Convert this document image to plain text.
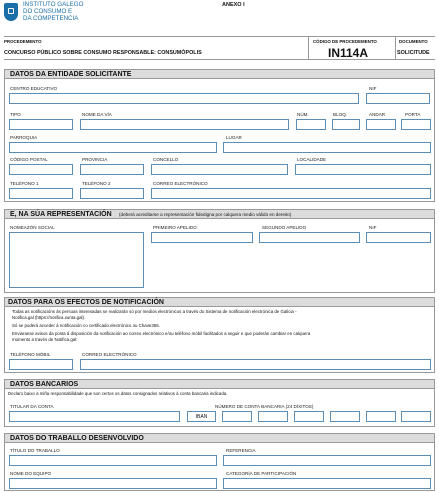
INSTITUTO GALEGO
DO CONSUMO E
DA COMPETENCIA
ANEXO I
PROCEDEMENTO
CONCURSO PÚBLICO SOBRE CONSUMO RESPONSABLE: CONSUMÓPOLIS
CÓDIGO DE PROCEDEMENTO
IN114A
DOCUMENTO
SOLICITUDE
DATOS DA ENTIDADE SOLICITANTE
CENTRO EDUCATIVO	NIF
TIPO	NOME DA VÍA	NÚM.	BLOQ.	ANDAR	PORTA
PARROQUIA	LUGAR
CÓDIGO POSTAL	PROVINCIA	CONCELLO	LOCALIDADE
TELÉFONO 1	TELÉFONO 2	CORREO ELECTRÓNICO
E, NA SÚA REPRESENTACIÓN (deberá acreditarse a representación fidedigna por calquera medio válido en dereito)
NOMEAZÓN SOCIAL	PRIMEIRO APELIDO	SEGUNDO APELIDO	NIF
DATOS PARA OS EFECTOS DE NOTIFICACIÓN
Todas as notificacións ás persoas interesadas se realizarán só por medios electrónicos a través do Sistema de notificación electrónica de Galicia -
Notifica.gal (https://notifica.xunta.gal).
Só se poderá acceder á notificación co certificado electrónico ou Chave365.
Enviaranse avisos da posta á disposición da notificación ao correo electrónico e/ou teléfono móbil facilitados a seguir e que poderán cambiar en calquera
momento a través de Notifica.gal:
TELÉFONO MÓBIL	CORREO ELECTRÓNICO
DATOS BANCARIOS
Declaro baixo a miña responsabilidade que son certos os datos consignados relativos á conta bancaria indicada.
TITULAR DA CONTA	NÚMERO DE CONTA BANCARIA (24 DÍXITOS)
IBAN
DATOS DO TRABALLO DESENVOLVIDO
TÍTULO DO TRABALLO	REFERENCIA
NOME DO EQUIPO	CATEGORÍA DE PARTICIPACIÓN
